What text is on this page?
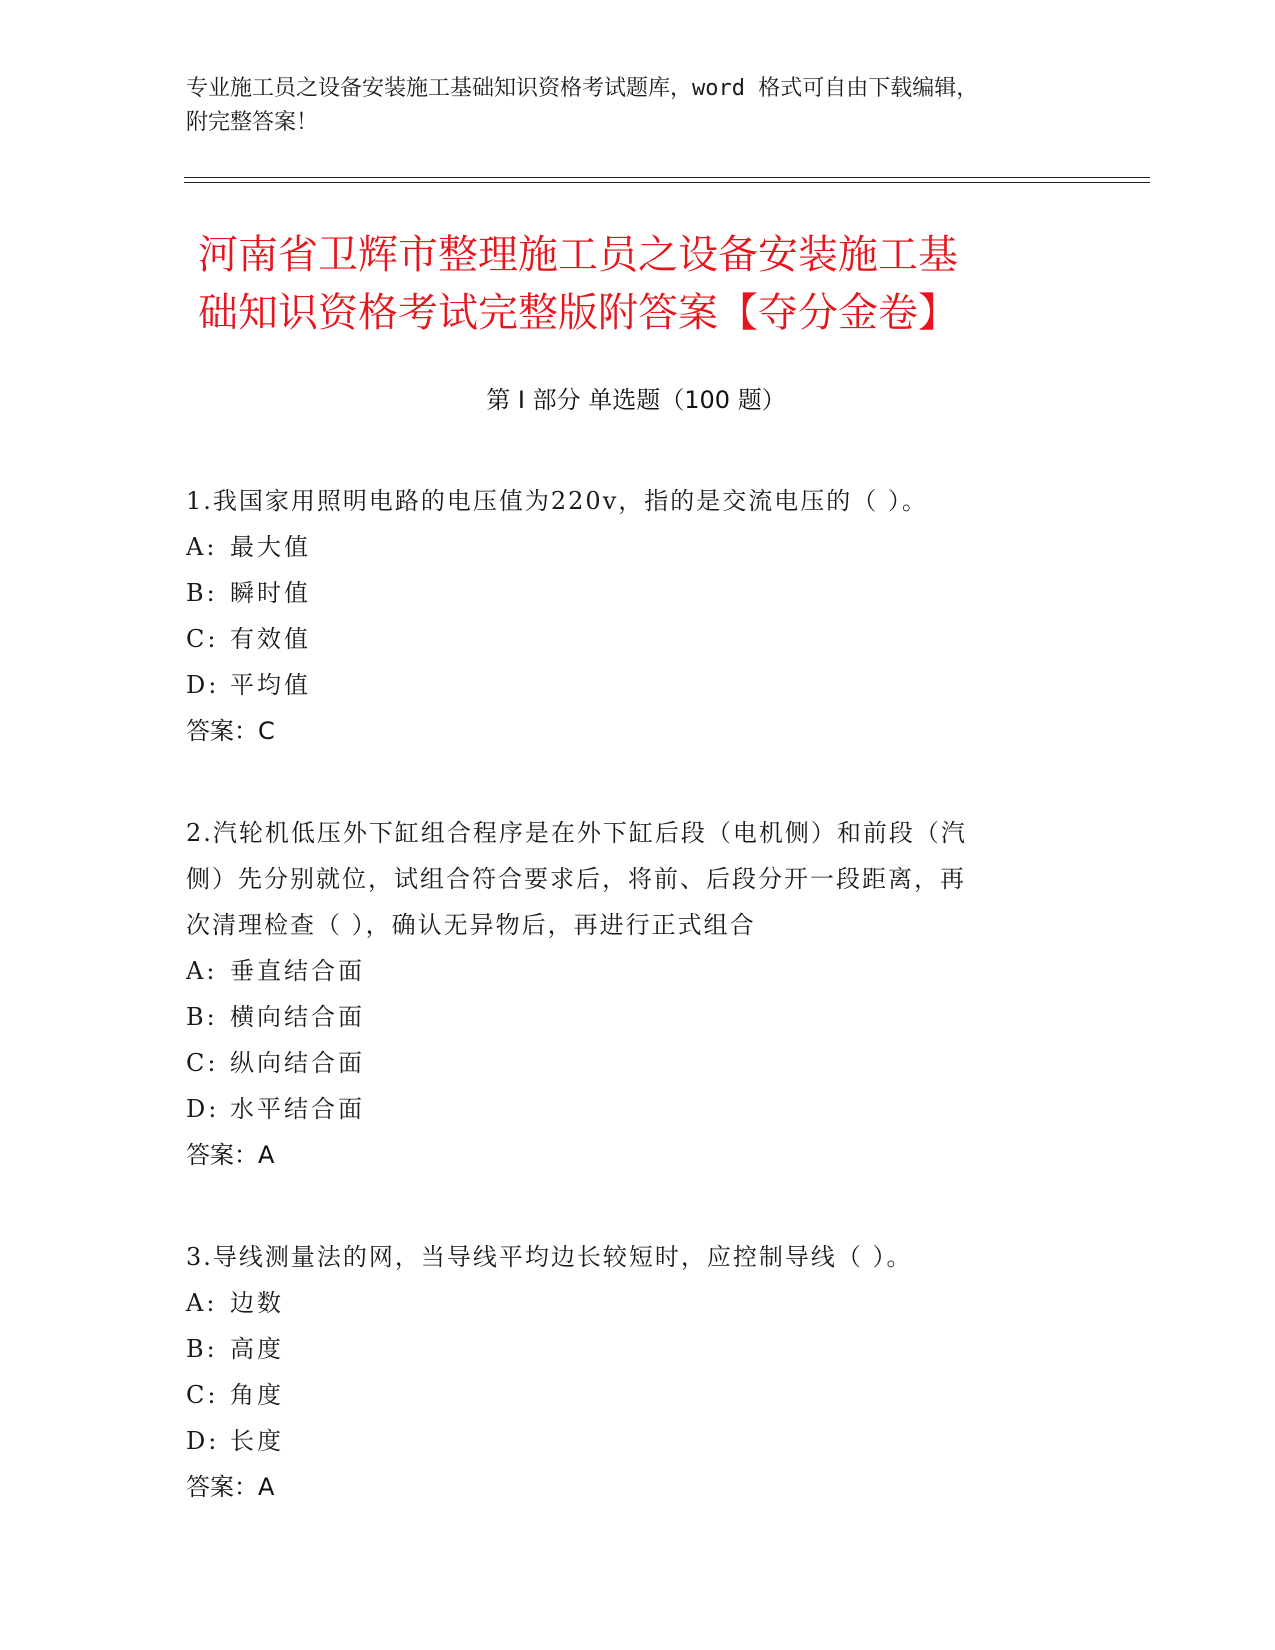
专业施工员之设备安装施工基础知识资格考试题库，word 格式可自由下载编辑，
附完整答案！
河南省卫辉市整理施工员之设备安装施工基
础知识资格考试完整版附答案【夺分金卷】
第 I 部分 单选题（100 题）
1.我国家用照明电路的电压值为220v，指的是交流电压的（ ）。
A: 最大值
B: 瞬时值
C: 有效值
D: 平均值
答案：C
2.汽轮机低压外下缸组合程序是在外下缸后段（电机侧）和前段（汽
侧）先分别就位，试组合符合要求后，将前、后段分开一段距离，再
次清理检查（ ），确认无异物后，再进行正式组合
A: 垂直结合面
B: 横向结合面
C: 纵向结合面
D: 水平结合面
答案：A
3.导线测量法的网，当导线平均边长较短时，应控制导线（ ）。
A: 边数
B: 高度
C: 角度
D: 长度
答案：A
